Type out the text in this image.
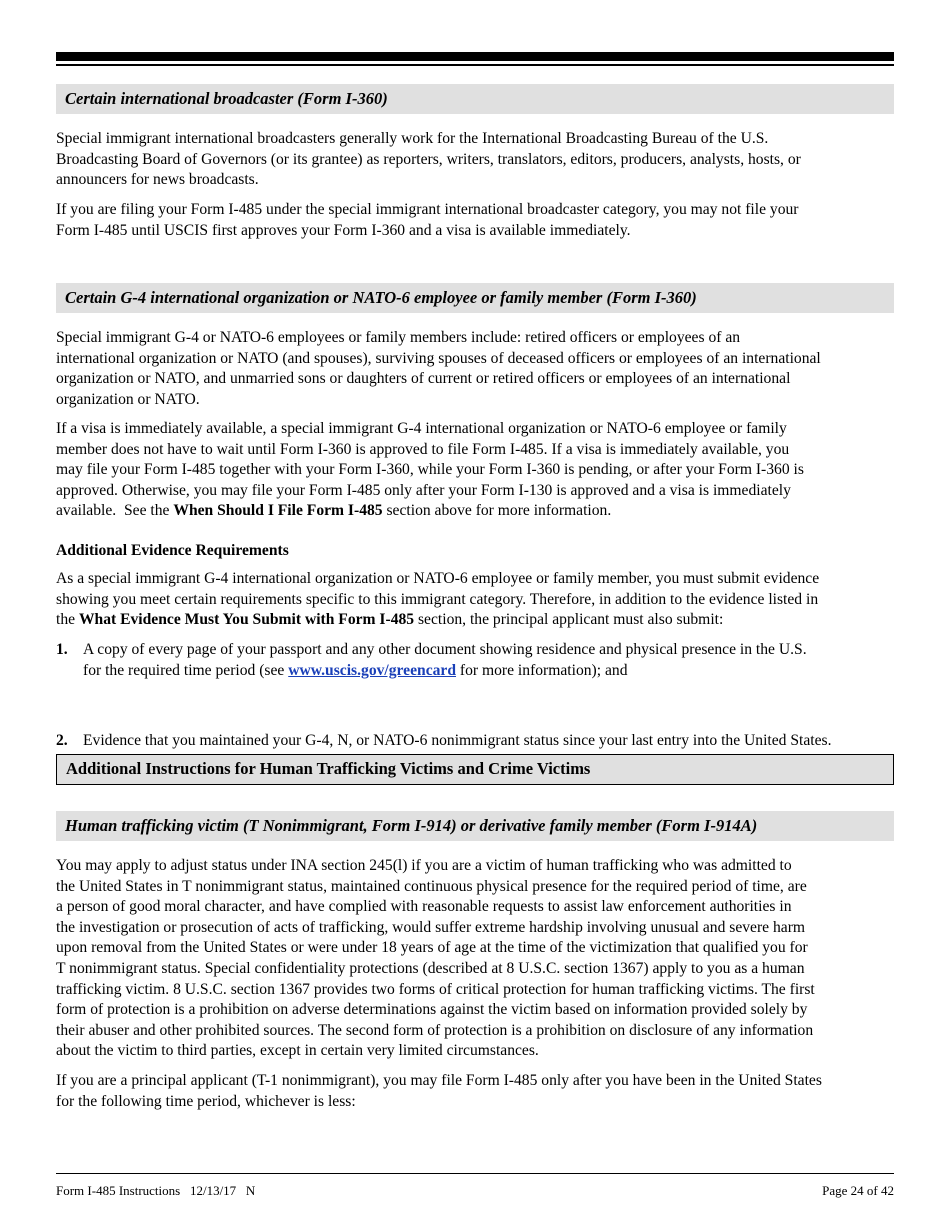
Certain international broadcaster (Form I-360)
Special immigrant international broadcasters generally work for the International Broadcasting Bureau of the U.S.
Broadcasting Board of Governors (or its grantee) as reporters, writers, translators, editors, producers, analysts, hosts, or
announcers for news broadcasts.
If you are filing your Form I-485 under the special immigrant international broadcaster category, you may not file your
Form I-485 until USCIS first approves your Form I-360 and a visa is available immediately.
Certain G-4 international organization or NATO-6 employee or family member (Form I-360)
Special immigrant G-4 or NATO-6 employees or family members include: retired officers or employees of an
international organization or NATO (and spouses), surviving spouses of deceased officers or employees of an international
organization or NATO, and unmarried sons or daughters of current or retired officers or employees of an international
organization or NATO.
If a visa is immediately available, a special immigrant G-4 international organization or NATO-6 employee or family
member does not have to wait until Form I-360 is approved to file Form I-485. If a visa is immediately available, you
may file your Form I-485 together with your Form I-360, while your Form I-360 is pending, or after your Form I-360 is
approved. Otherwise, you may file your Form I-485 only after your Form I-130 is approved and a visa is immediately
available.  See the When Should I File Form I-485 section above for more information.
Additional Evidence Requirements
As a special immigrant G-4 international organization or NATO-6 employee or family member, you must submit evidence
showing you meet certain requirements specific to this immigrant category. Therefore, in addition to the evidence listed in
the What Evidence Must You Submit with Form I-485 section, the principal applicant must also submit:
1. A copy of every page of your passport and any other document showing residence and physical presence in the U.S.
for the required time period (see www.uscis.gov/greencard for more information); and
2. Evidence that you maintained your G-4, N, or NATO-6 nonimmigrant status since your last entry into the United States.
Additional Instructions for Human Trafficking Victims and Crime Victims
Human trafficking victim (T Nonimmigrant, Form I-914) or derivative family member (Form I-914A)
You may apply to adjust status under INA section 245(l) if you are a victim of human trafficking who was admitted to
the United States in T nonimmigrant status, maintained continuous physical presence for the required period of time, are
a person of good moral character, and have complied with reasonable requests to assist law enforcement authorities in
the investigation or prosecution of acts of trafficking, would suffer extreme hardship involving unusual and severe harm
upon removal from the United States or were under 18 years of age at the time of the victimization that qualified you for
T nonimmigrant status. Special confidentiality protections (described at 8 U.S.C. section 1367) apply to you as a human
trafficking victim. 8 U.S.C. section 1367 provides two forms of critical protection for human trafficking victims. The first
form of protection is a prohibition on adverse determinations against the victim based on information provided solely by
their abuser and other prohibited sources. The second form of protection is a prohibition on disclosure of any information
about the victim to third parties, except in certain very limited circumstances.
If you are a principal applicant (T-1 nonimmigrant), you may file Form I-485 only after you have been in the United States
for the following time period, whichever is less:
Form I-485 Instructions   12/13/17   N	Page 24 of 42
